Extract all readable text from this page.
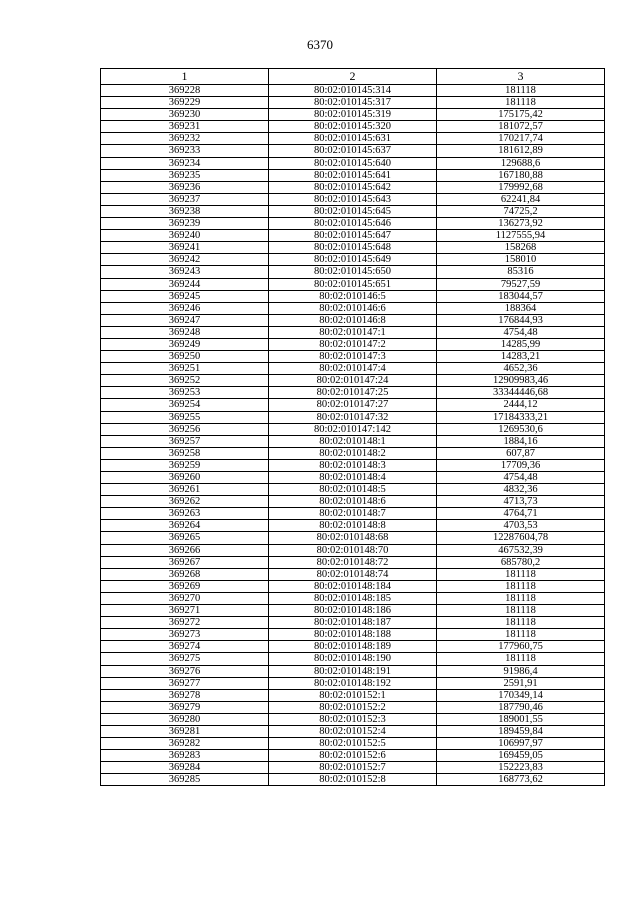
6370
1	2	3
369228	80:02:010145:314	181118
369229	80:02:010145:317	181118
369230	80:02:010145:319	175175,42
369231	80:02:010145:320	181072,57
369232	80:02:010145:631	170217,74
369233	80:02:010145:637	181612,89
369234	80:02:010145:640	129688,6
369235	80:02:010145:641	167180,88
369236	80:02:010145:642	179992,68
369237	80:02:010145:643	62241,84
369238	80:02:010145:645	74725,2
369239	80:02:010145:646	136273,92
369240	80:02:010145:647	1127555,94
369241	80:02:010145:648	158268
369242	80:02:010145:649	158010
369243	80:02:010145:650	85316
369244	80:02:010145:651	79527,59
369245	80:02:010146:5	183044,57
369246	80:02:010146:6	188364
369247	80:02:010146:8	176844,93
369248	80:02:010147:1	4754,48
369249	80:02:010147:2	14285,99
369250	80:02:010147:3	14283,21
369251	80:02:010147:4	4652,36
369252	80:02:010147:24	12909983,46
369253	80:02:010147:25	33344446,68
369254	80:02:010147:27	2444,12
369255	80:02:010147:32	17184333,21
369256	80:02:010147:142	1269530,6
369257	80:02:010148:1	1884,16
369258	80:02:010148:2	607,87
369259	80:02:010148:3	17709,36
369260	80:02:010148:4	4754,48
369261	80:02:010148:5	4832,36
369262	80:02:010148:6	4713,73
369263	80:02:010148:7	4764,71
369264	80:02:010148:8	4703,53
369265	80:02:010148:68	12287604,78
369266	80:02:010148:70	467532,39
369267	80:02:010148:72	685780,2
369268	80:02:010148:74	181118
369269	80:02:010148:184	181118
369270	80:02:010148:185	181118
369271	80:02:010148:186	181118
369272	80:02:010148:187	181118
369273	80:02:010148:188	181118
369274	80:02:010148:189	177960,75
369275	80:02:010148:190	181118
369276	80:02:010148:191	91986,4
369277	80:02:010148:192	2591,91
369278	80:02:010152:1	170349,14
369279	80:02:010152:2	187790,46
369280	80:02:010152:3	189001,55
369281	80:02:010152:4	189459,84
369282	80:02:010152:5	106997,97
369283	80:02:010152:6	169459,05
369284	80:02:010152:7	152223,83
369285	80:02:010152:8	168773,62
